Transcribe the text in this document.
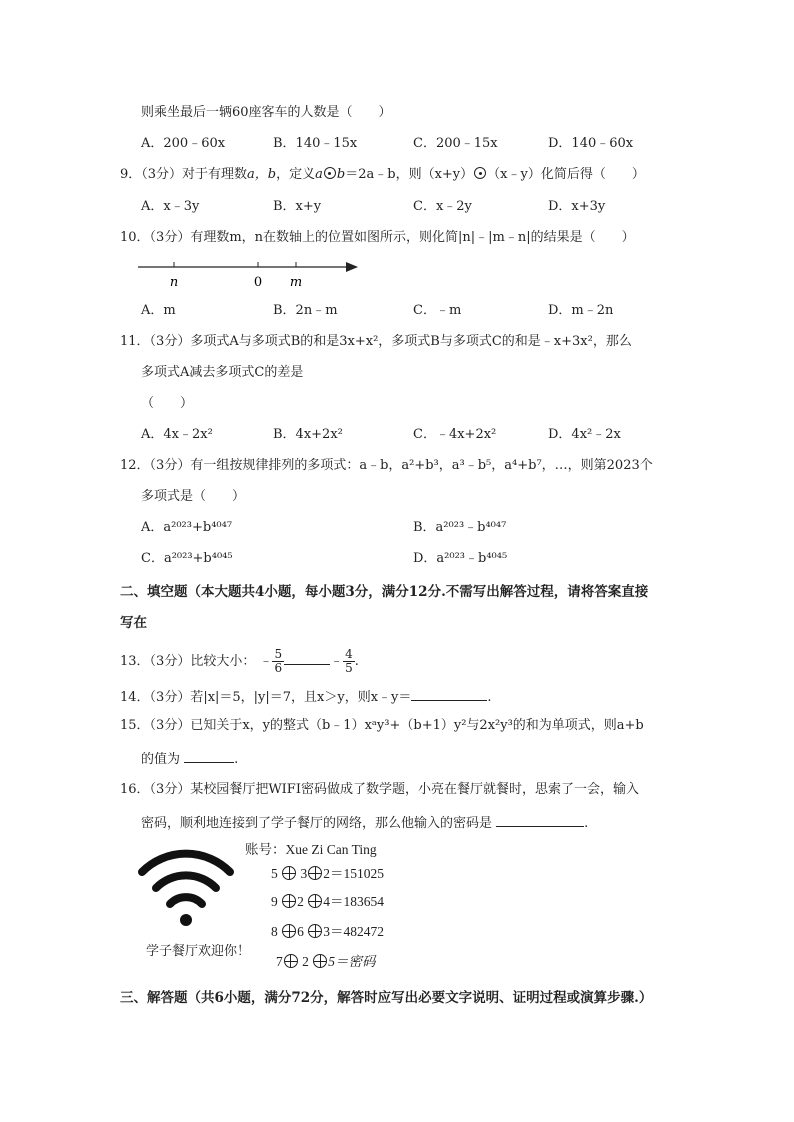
则乘坐最后一辆60座客车的人数是（　　）
A．200﹣60x	B．140﹣15x	C．200﹣15x	D．140﹣60x
9．（3分）对于有理数a，b，定义a b＝2a﹣b，则（x+y） （x﹣y）化简后得（　　）
A．x﹣3y	B．x+y	C．x﹣2y	D．x+3y
10．（3分）有理数m，n在数轴上的位置如图所示，则化简|n|﹣|m﹣n|的结果是（　　）
n	0 m
A．m	B．2n﹣m	C．﹣m	D．m﹣2n
11．（3分）多项式A与多项式B的和是3x+x²，多项式B与多项式C的和是﹣x+3x²，那么
多项式A减去多项式C的差是
（　　）
A．4x﹣2x²	B．4x+2x²	C．﹣4x+2x²	D．4x²﹣2x
12．（3分）有一组按规律排列的多项式：a﹣b，a²+b³，a³﹣b⁵，a⁴+b⁷，…，则第2023个
多项式是（　　）
A．a²⁰²³+b⁴⁰⁴⁷	B．a²⁰²³﹣b⁴⁰⁴⁷
C．a²⁰²³+b⁴⁰⁴⁵	D．a²⁰²³﹣b⁴⁰⁴⁵
二、填空题（本大题共4小题，每小题3分，满分12分.不需写出解答过程，请将答案直接
写在
13．（3分）比较大小： ﹣ $\frac{5}{6}$	﹣ $\frac{4}{5}$ .
14．（3分）若|x|＝5，|y|＝7，且x＞y，则x﹣y＝	.
15．（3分）已知关于x，y的整式（b﹣1）xᵃy³+（b+1）y²与2x²y³的和为单项式，则a+b
的值为	.
16．（3分）某校园餐厅把WIFI密码做成了数学题，小亮在餐厅就餐时，思索了一会，输入
密码，顺利地连接到了学子餐厅的网络，那么他输入的密码是	.
学子餐厅欢迎你！
账号：Xue Zi Can Ting
5 3 2＝151025
9 2 4＝183654
8 6 3＝482472
7 2 5＝密码
三、解答题（共6小题，满分72分，解答时应写出必要文字说明、证明过程或演算步骤.）
